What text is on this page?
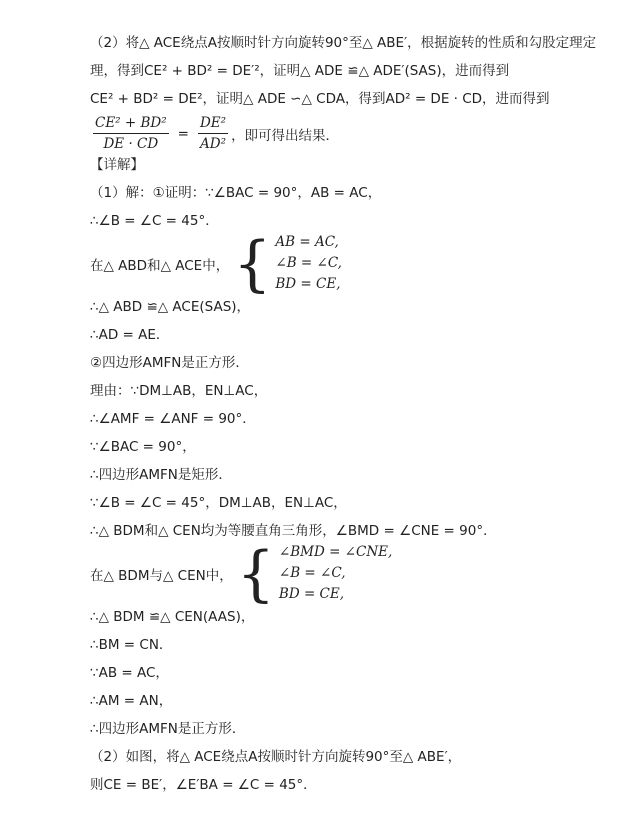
（2）将△ ACE绕点A按顺时针方向旋转90°至△ ABE′，根据旋转的性质和勾股定理定
理，得到CE² + BD² = DE′²，证明△ ADE ≌△ ADE′(SAS)，进而得到
CE² + BD² = DE²，证明△ ADE ∽△ CDA，得到AD² = DE · CD，进而得到
$\frac{\text{CE² + BD²}}{DE \cdot CD} = \frac{\text{DE²}}{\text{AD²}}$ ，即可得出结果．
【详解】
（1）解：①证明：∵∠BAC = 90°，AB = AC，
∴∠B = ∠C = 45°．
在△ ABD和△ ACE中， { AB = AC,
∠B = ∠C,
BD = CE,
∴△ ABD ≌△ ACE(SAS)，
∴AD = AE．
②四边形AMFN是正方形．
理由：∵DM⊥AB，EN⊥AC，
∴∠AMF = ∠ANF = 90°．
∵∠BAC = 90°，
∴四边形AMFN是矩形．
∵∠B = ∠C = 45°，DM⊥AB，EN⊥AC，
∴△ BDM和△ CEN均为等腰直角三角形，∠BMD = ∠CNE = 90°．
在△ BDM与△ CEN中， { ∠BMD = ∠CNE,
∠B = ∠C,
BD = CE,
∴△ BDM ≌△ CEN(AAS)，
∴BM = CN．
∵AB = AC，
∴AM = AN，
∴四边形AMFN是正方形．
（2）如图，将△ ACE绕点A按顺时针方向旋转90°至△ ABE′，
则CE = BE′，∠E′BA = ∠C = 45°．
